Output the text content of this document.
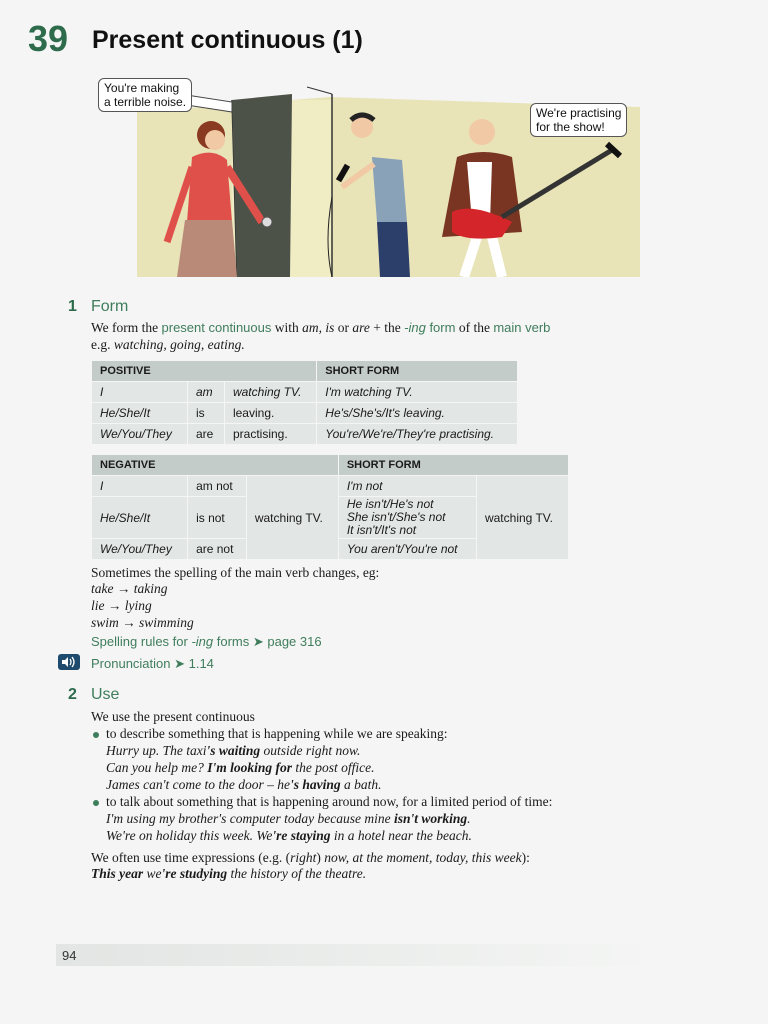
39 Present continuous (1)
You're making
a terrible noise.
We're practising
for the show!
1 Form
We form the present continuous with am, is or are + the -ing form of the main verb
e.g. watching, going, eating.
POSITIVE			SHORT FORM
I	am	watching TV.	I'm watching TV.
He/She/It	is	leaving.	He's/She's/It's leaving.
We/You/They	are	practising.	You're/We're/They're practising.
NEGATIVE			SHORT FORM	
I	am not	watching TV.	I'm not	watching TV.
He/She/It	is not		He isn't/He's not
She isn't/She's not
It isn't/It's not	

We/You/They	are not		You aren't/You're not	
Sometimes the spelling of the main verb changes, eg:
take → taking
lie → lying
swim → swimming
Spelling rules for -ing forms ➤ page 316
Pronunciation ➤ 1.14
2 Use
We use the present continuous
to describe something that is happening while we are speaking:
Hurry up. The taxi's waiting outside right now.
Can you help me? I'm looking for the post office.
James can't come to the door – he's having a bath.
to talk about something that is happening around now, for a limited period of time:
I'm using my brother's computer today because mine isn't working.
We're on holiday this week. We're staying in a hotel near the beach.
We often use time expressions (e.g. (right) now, at the moment, today, this week):
This year we're studying the history of the theatre.
94
